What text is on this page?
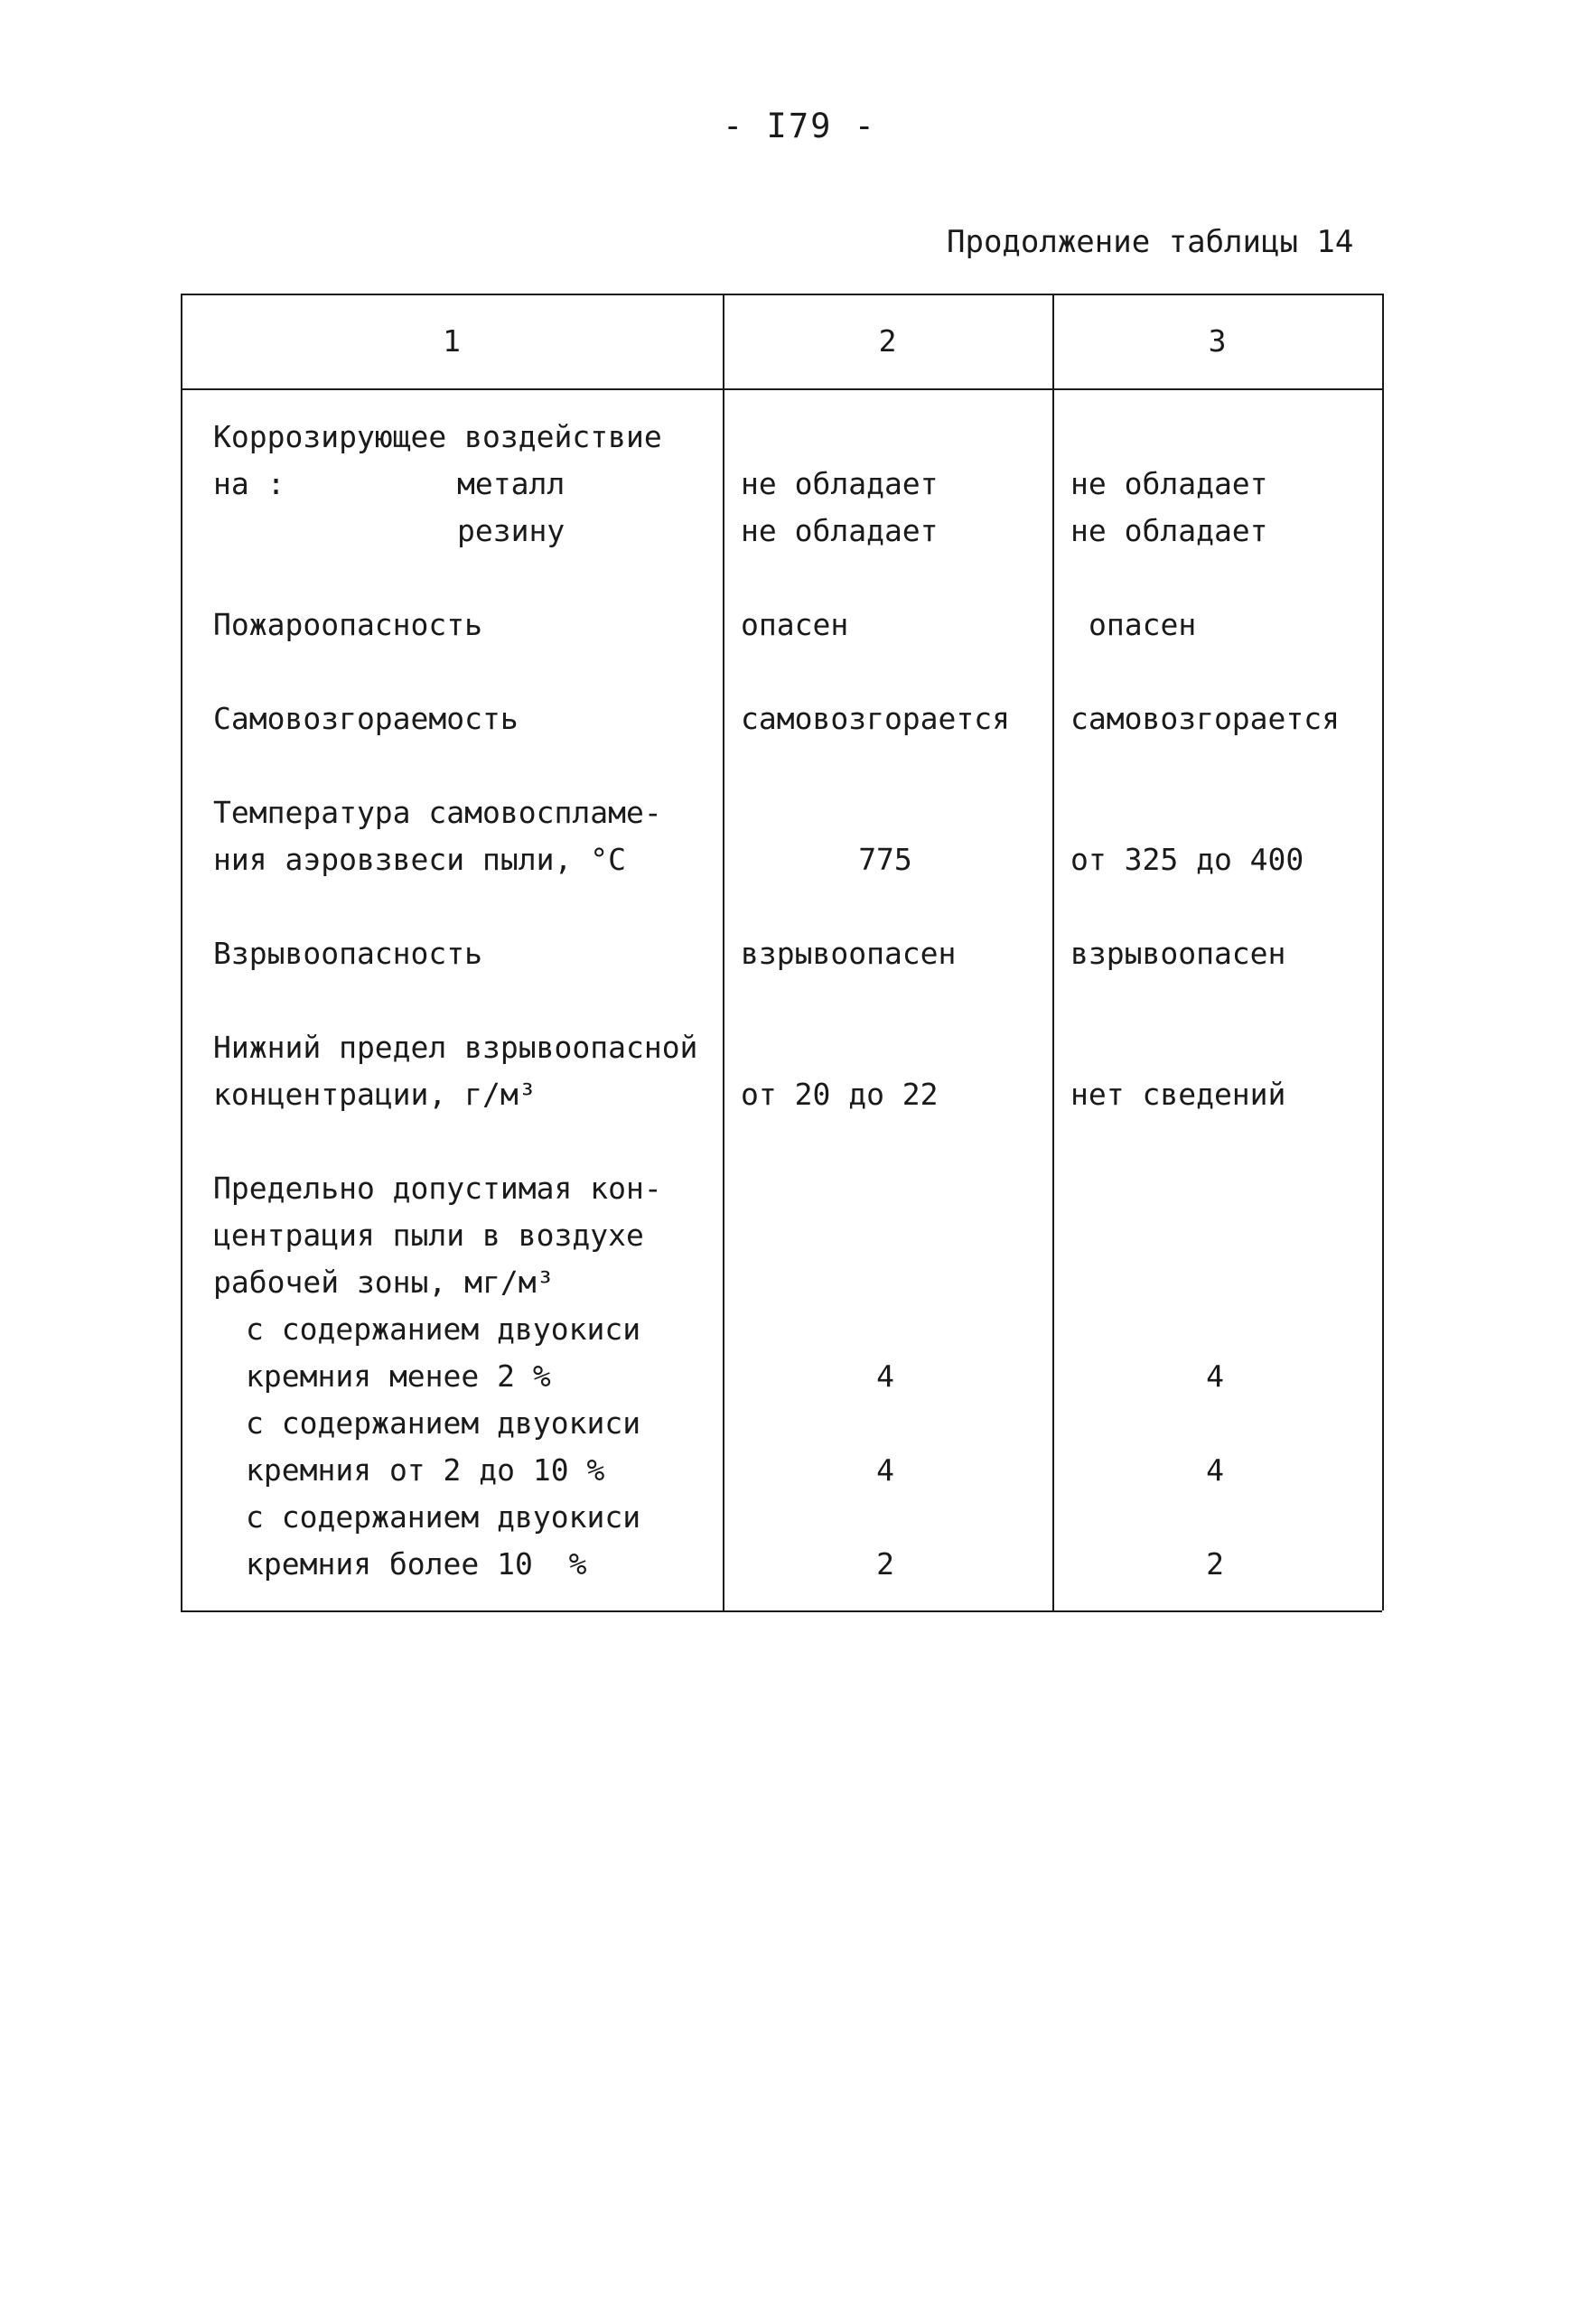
- I79 -
Продолжение таблицы 14
1	2	3
Коррозирующее воздействие
на :	металл	не обладает	не обладает
резину	не обладает	не обладает
Пожароопасность	опасен	опасен
Самовозгораемость	самовозгорается самовозгорается
Температура самовоспламе-
ния аэровзвеси пыли, °С	775	от 325 до 400
Взрывоопасность	взрывоопасен	взрывоопасен
Нижний предел взрывоопасной
концентрации, г/м³	от 20 до 22	нет сведений
Предельно допустимая кон-
центрация пыли в воздухе
рабочей зоны, мг/м³
с содержанием двуокиси
кремния менее 2 %	4	4
с содержанием двуокиси
кремния от 2 до 10 %	4	4
с содержанием двуокиси
кремния более 10  %	2	2
